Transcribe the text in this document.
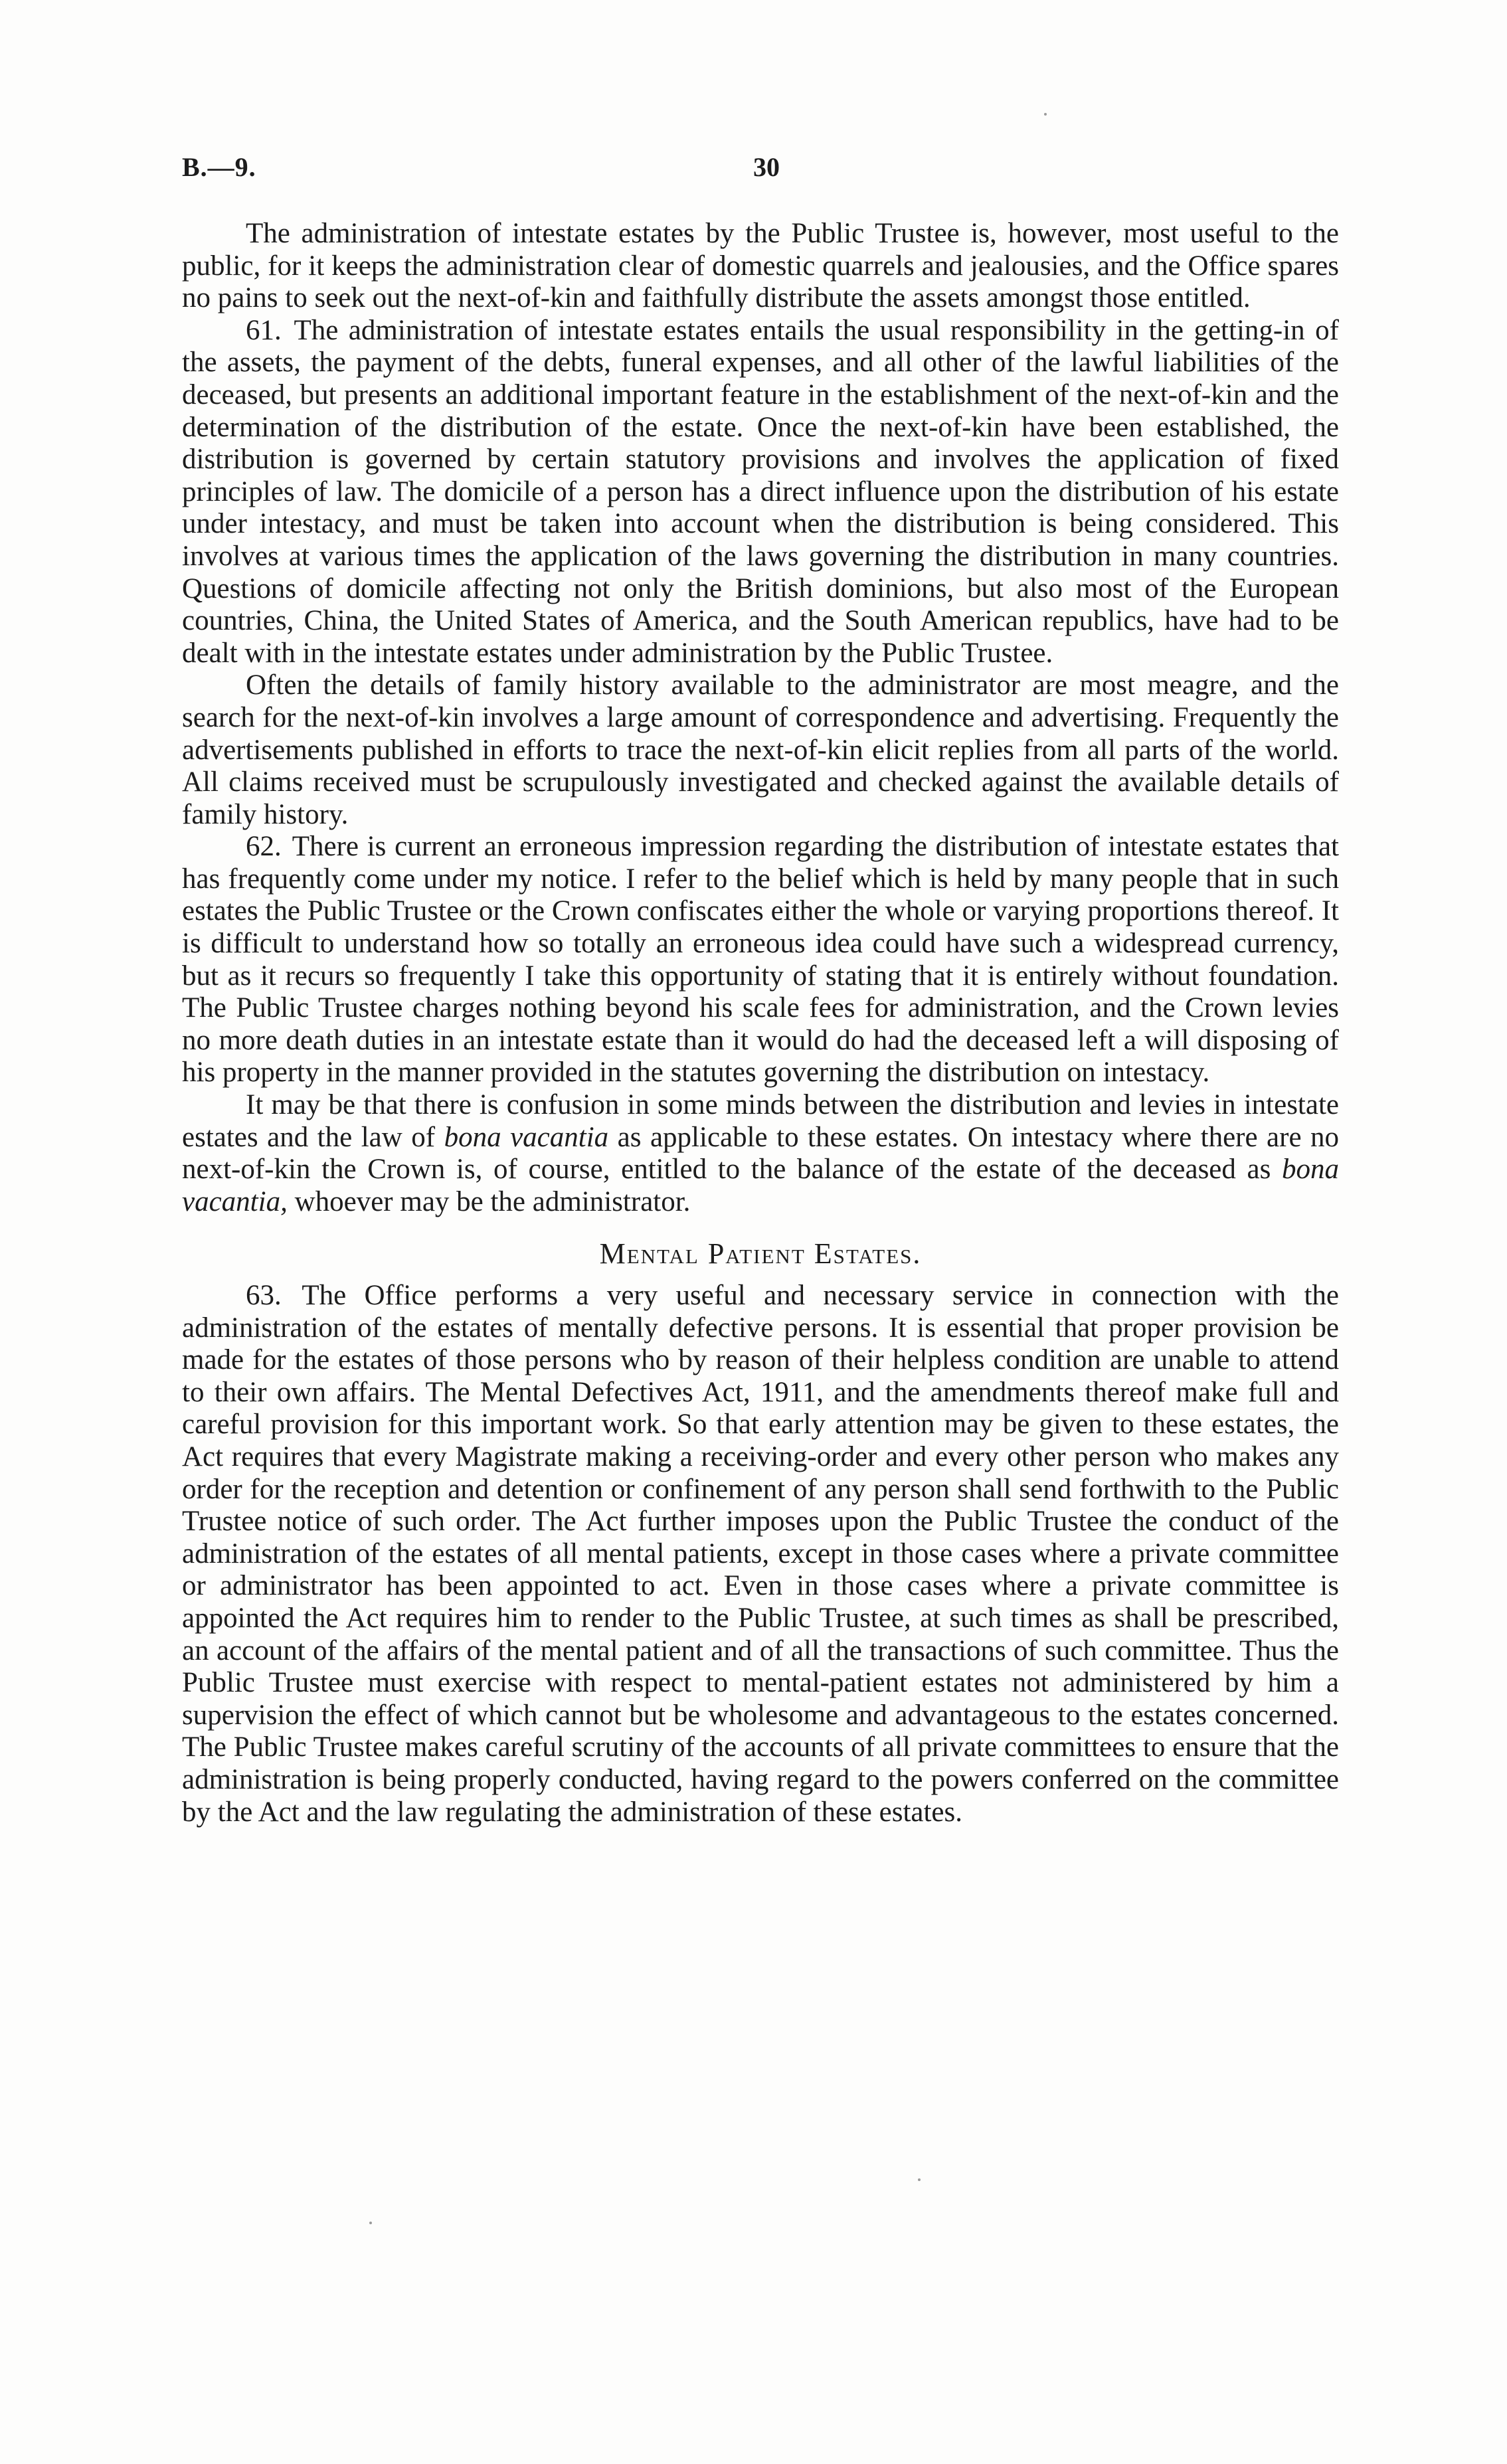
B.—9.	30

The administration of intestate estates by the Public Trustee is, however, most useful to the public, for it keeps the administration clear of domestic quarrels and jealousies, and the Office spares no pains to seek out the next-of-kin and faithfully distribute the assets amongst those entitled.

61. The administration of intestate estates entails the usual responsibility in the getting-in of the assets, the payment of the debts, funeral expenses, and all other of the lawful liabilities of the deceased, but presents an additional important feature in the establishment of the next-of-kin and the determination of the distribution of the estate. Once the next-of-kin have been established, the distribution is governed by certain statutory provisions and involves the application of fixed principles of law. The domicile of a person has a direct influence upon the distribution of his estate under intestacy, and must be taken into account when the distribution is being considered. This involves at various times the application of the laws governing the distribution in many countries. Questions of domicile affecting not only the British dominions, but also most of the European countries, China, the United States of America, and the South American republics, have had to be dealt with in the intestate estates under administration by the Public Trustee.

Often the details of family history available to the administrator are most meagre, and the search for the next-of-kin involves a large amount of correspondence and advertising. Frequently the advertisements published in efforts to trace the next-of-kin elicit replies from all parts of the world. All claims received must be scrupulously investigated and checked against the available details of family history.

62. There is current an erroneous impression regarding the distribution of intestate estates that has frequently come under my notice. I refer to the belief which is held by many people that in such estates the Public Trustee or the Crown confiscates either the whole or varying proportions thereof. It is difficult to understand how so totally an erroneous idea could have such a widespread currency, but as it recurs so frequently I take this opportunity of stating that it is entirely without foundation. The Public Trustee charges nothing beyond his scale fees for administration, and the Crown levies no more death duties in an intestate estate than it would do had the deceased left a will disposing of his property in the manner provided in the statutes governing the distribution on intestacy.

It may be that there is confusion in some minds between the distribution and levies in intestate estates and the law of bona vacantia as applicable to these estates. On intestacy where there are no next-of-kin the Crown is, of course, entitled to the balance of the estate of the deceased as bona vacantia, whoever may be the administrator.

Mental Patient Estates.

63. The Office performs a very useful and necessary service in connection with the administration of the estates of mentally defective persons. It is essential that proper provision be made for the estates of those persons who by reason of their helpless condition are unable to attend to their own affairs. The Mental Defectives Act, 1911, and the amendments thereof make full and careful provision for this important work. So that early attention may be given to these estates, the Act requires that every Magistrate making a receiving-order and every other person who makes any order for the reception and detention or confinement of any person shall send forthwith to the Public Trustee notice of such order. The Act further imposes upon the Public Trustee the conduct of the administration of the estates of all mental patients, except in those cases where a private committee or administrator has been appointed to act. Even in those cases where a private committee is appointed the Act requires him to render to the Public Trustee, at such times as shall be prescribed, an account of the affairs of the mental patient and of all the transactions of such committee. Thus the Public Trustee must exercise with respect to mental-patient estates not administered by him a supervision the effect of which cannot but be wholesome and advantageous to the estates concerned. The Public Trustee makes careful scrutiny of the accounts of all private committees to ensure that the administration is being properly conducted, having regard to the powers conferred on the committee by the Act and the law regulating the administration of these estates.
